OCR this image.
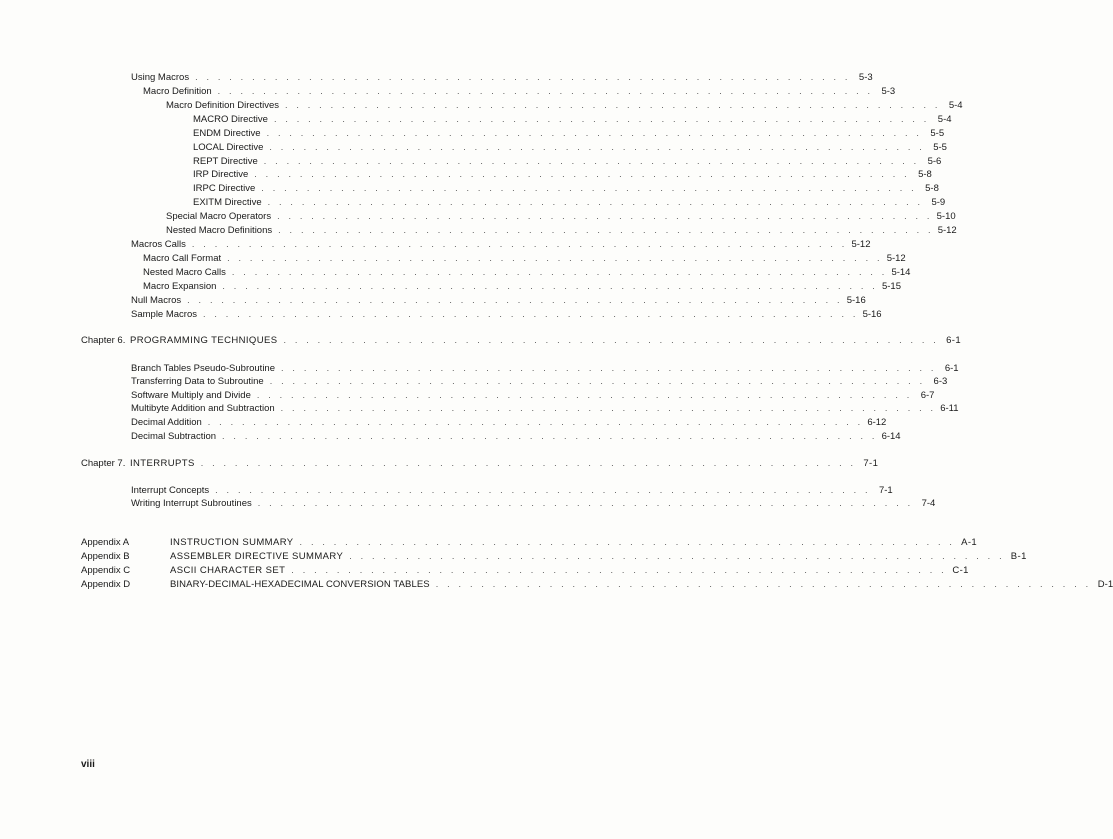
Using Macros . . . . . . . . . . . . . . . . . . . . . . . . . . . . . . . . . . . . . . . . . . . . . . . . . . . . . . . . . . 5-3
Macro Definition . . . . . . . . . . . . . . . . . . . . . . . . . . . . . . . . . . . . . . . . . . . . . . . . . . . . . . . . . . 5-3
Macro Definition Directives . . . . . . . . . . . . . . . . . . . . . . . . . . . . . . . . . . . . . . . . . . . . . . . . . . . . . . . . . . 5-4
MACRO Directive . . . . . . . . . . . . . . . . . . . . . . . . . . . . . . . . . . . . . . . . . . . . . . . . . . . . . . . . . . 5-4
ENDM Directive . . . . . . . . . . . . . . . . . . . . . . . . . . . . . . . . . . . . . . . . . . . . . . . . . . . . . . . . . . 5-5
LOCAL Directive . . . . . . . . . . . . . . . . . . . . . . . . . . . . . . . . . . . . . . . . . . . . . . . . . . . . . . . . . . 5-5
REPT Directive . . . . . . . . . . . . . . . . . . . . . . . . . . . . . . . . . . . . . . . . . . . . . . . . . . . . . . . . . . 5-6
IRP Directive . . . . . . . . . . . . . . . . . . . . . . . . . . . . . . . . . . . . . . . . . . . . . . . . . . . . . . . . . . 5-8
IRPC Directive . . . . . . . . . . . . . . . . . . . . . . . . . . . . . . . . . . . . . . . . . . . . . . . . . . . . . . . . . . 5-8
EXITM Directive . . . . . . . . . . . . . . . . . . . . . . . . . . . . . . . . . . . . . . . . . . . . . . . . . . . . . . . . . . 5-9
Special Macro Operators . . . . . . . . . . . . . . . . . . . . . . . . . . . . . . . . . . . . . . . . . . . . . . . . . . . . . . . . . . 5-10
Nested Macro Definitions . . . . . . . . . . . . . . . . . . . . . . . . . . . . . . . . . . . . . . . . . . . . . . . . . . . . . . . . . . 5-12
Macros Calls . . . . . . . . . . . . . . . . . . . . . . . . . . . . . . . . . . . . . . . . . . . . . . . . . . . . . . . . . . 5-12
Macro Call Format . . . . . . . . . . . . . . . . . . . . . . . . . . . . . . . . . . . . . . . . . . . . . . . . . . . . . . . . . . 5-12
Nested Macro Calls . . . . . . . . . . . . . . . . . . . . . . . . . . . . . . . . . . . . . . . . . . . . . . . . . . . . . . . . . . 5-14
Macro Expansion . . . . . . . . . . . . . . . . . . . . . . . . . . . . . . . . . . . . . . . . . . . . . . . . . . . . . . . . . . 5-15
Null Macros . . . . . . . . . . . . . . . . . . . . . . . . . . . . . . . . . . . . . . . . . . . . . . . . . . . . . . . . . . 5-16
Sample Macros . . . . . . . . . . . . . . . . . . . . . . . . . . . . . . . . . . . . . . . . . . . . . . . . . . . . . . . . . . 5-16
Chapter 6. PROGRAMMING TECHNIQUES . . . . . . . . . . . . . . . . . . . . . . . . . . . . . . . . . . . . . . . . . . . . . . . . . . . . . . . . . . 6-1
Branch Tables Pseudo-Subroutine . . . . . . . . . . . . . . . . . . . . . . . . . . . . . . . . . . . . . . . . . . . . . . . . . . . . . . . . . . 6-1
Transferring Data to Subroutine . . . . . . . . . . . . . . . . . . . . . . . . . . . . . . . . . . . . . . . . . . . . . . . . . . . . . . . . . . 6-3
Software Multiply and Divide . . . . . . . . . . . . . . . . . . . . . . . . . . . . . . . . . . . . . . . . . . . . . . . . . . . . . . . . . . 6-7
Multibyte Addition and Subtraction . . . . . . . . . . . . . . . . . . . . . . . . . . . . . . . . . . . . . . . . . . . . . . . . . . . . . . . . . . 6-11
Decimal Addition . . . . . . . . . . . . . . . . . . . . . . . . . . . . . . . . . . . . . . . . . . . . . . . . . . . . . . . . . . 6-12
Decimal Subtraction . . . . . . . . . . . . . . . . . . . . . . . . . . . . . . . . . . . . . . . . . . . . . . . . . . . . . . . . . . 6-14
Chapter 7. INTERRUPTS . . . . . . . . . . . . . . . . . . . . . . . . . . . . . . . . . . . . . . . . . . . . . . . . . . . . . . . . . . 7-1
Interrupt Concepts . . . . . . . . . . . . . . . . . . . . . . . . . . . . . . . . . . . . . . . . . . . . . . . . . . . . . . . . . . 7-1
Writing Interrupt Subroutines . . . . . . . . . . . . . . . . . . . . . . . . . . . . . . . . . . . . . . . . . . . . . . . . . . . . . . . . . . 7-4
Appendix A	INSTRUCTION SUMMARY . . . . . . . . . . . . . . . . . . . . . . . . . . . . . . . . . . . . . . . . . . . . . . . . . . . . . . . . . . A-1
Appendix B	ASSEMBLER DIRECTIVE SUMMARY . . . . . . . . . . . . . . . . . . . . . . . . . . . . . . . . . . . . . . . . . . . . . . . . . . . . . . . . . . B-1
Appendix C	ASCII CHARACTER SET . . . . . . . . . . . . . . . . . . . . . . . . . . . . . . . . . . . . . . . . . . . . . . . . . . . . . . . . . . C-1
Appendix D	BINARY-DECIMAL-HEXADECIMAL CONVERSION TABLES . . . . . . . . . . . . . . . . . . . . . . . . . . . . . . . . . . . . . . . . . . . . . . . . . . . . . . . . . . D-1
viii
